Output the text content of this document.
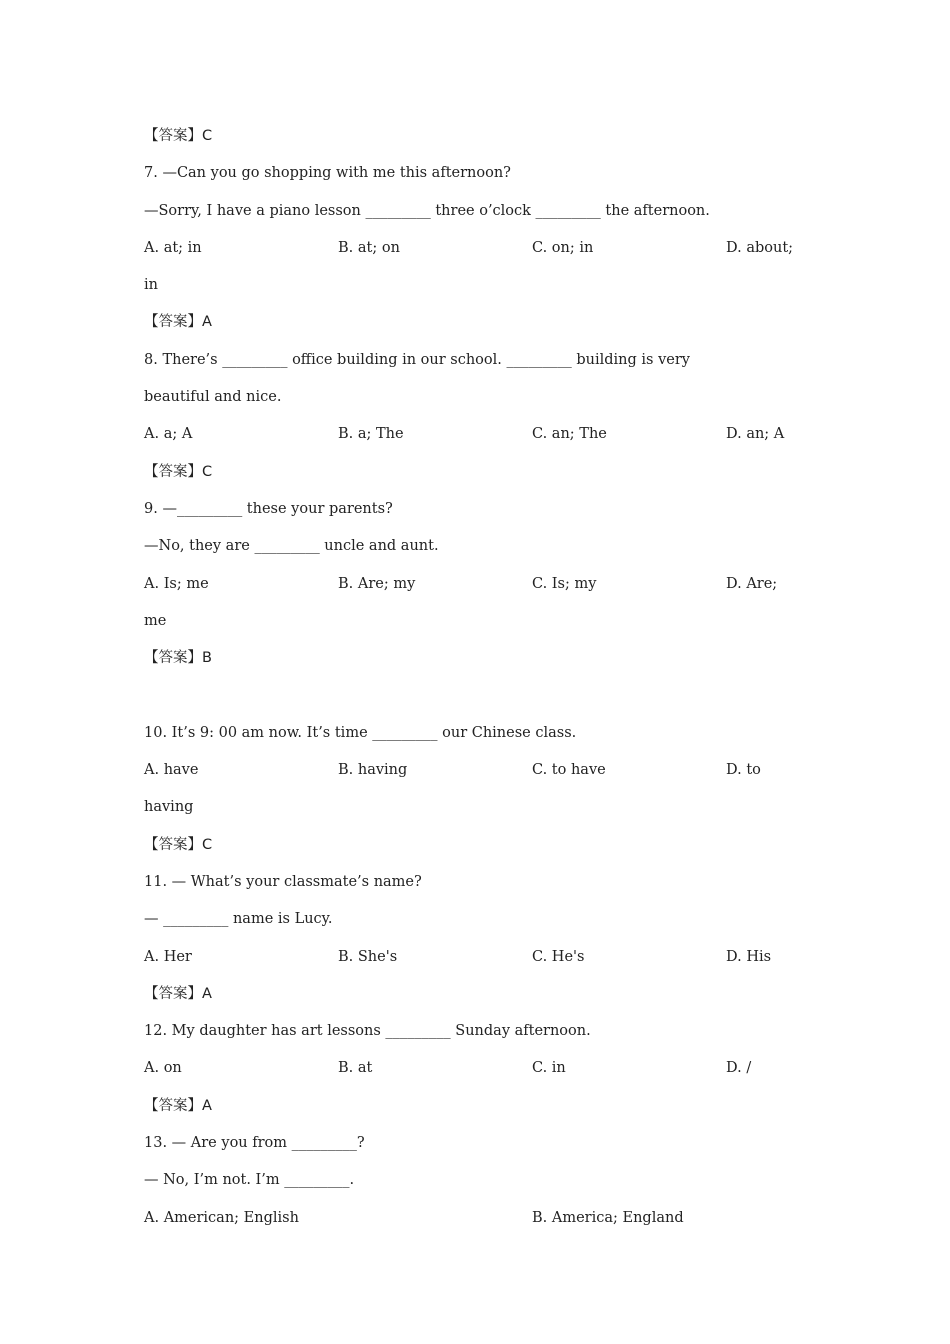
【答案】C
7. —Can you go shopping with me this afternoon?
—Sorry, I have a piano lesson _________ three o’clock _________ the afternoon.
A. at; in	B. at; on	C. on; in	D. about;
in
【答案】A
8. There’s _________ office building in our school. _________ building is very
beautiful and nice.
A. a; A	B. a; The	C. an; The	D. an; A
【答案】C
9. —_________ these your parents?
—No, they are _________ uncle and aunt.
A. Is; me	B. Are; my	C. Is; my	D. Are;
me
【答案】B
10. It’s 9: 00 am now. It’s time _________ our Chinese class.
A. have	B. having	C. to have	D. to
having
【答案】C
11. — What’s your classmate’s name?
— _________ name is Lucy.
A. Her	B. She's	C. He's	D. His
【答案】A
12. My daughter has art lessons _________ Sunday afternoon.
A. on	B. at	C. in	D. /
【答案】A
13. — Are you from _________?
— No, I’m not. I’m _________.
A. American; English	B. America; England
